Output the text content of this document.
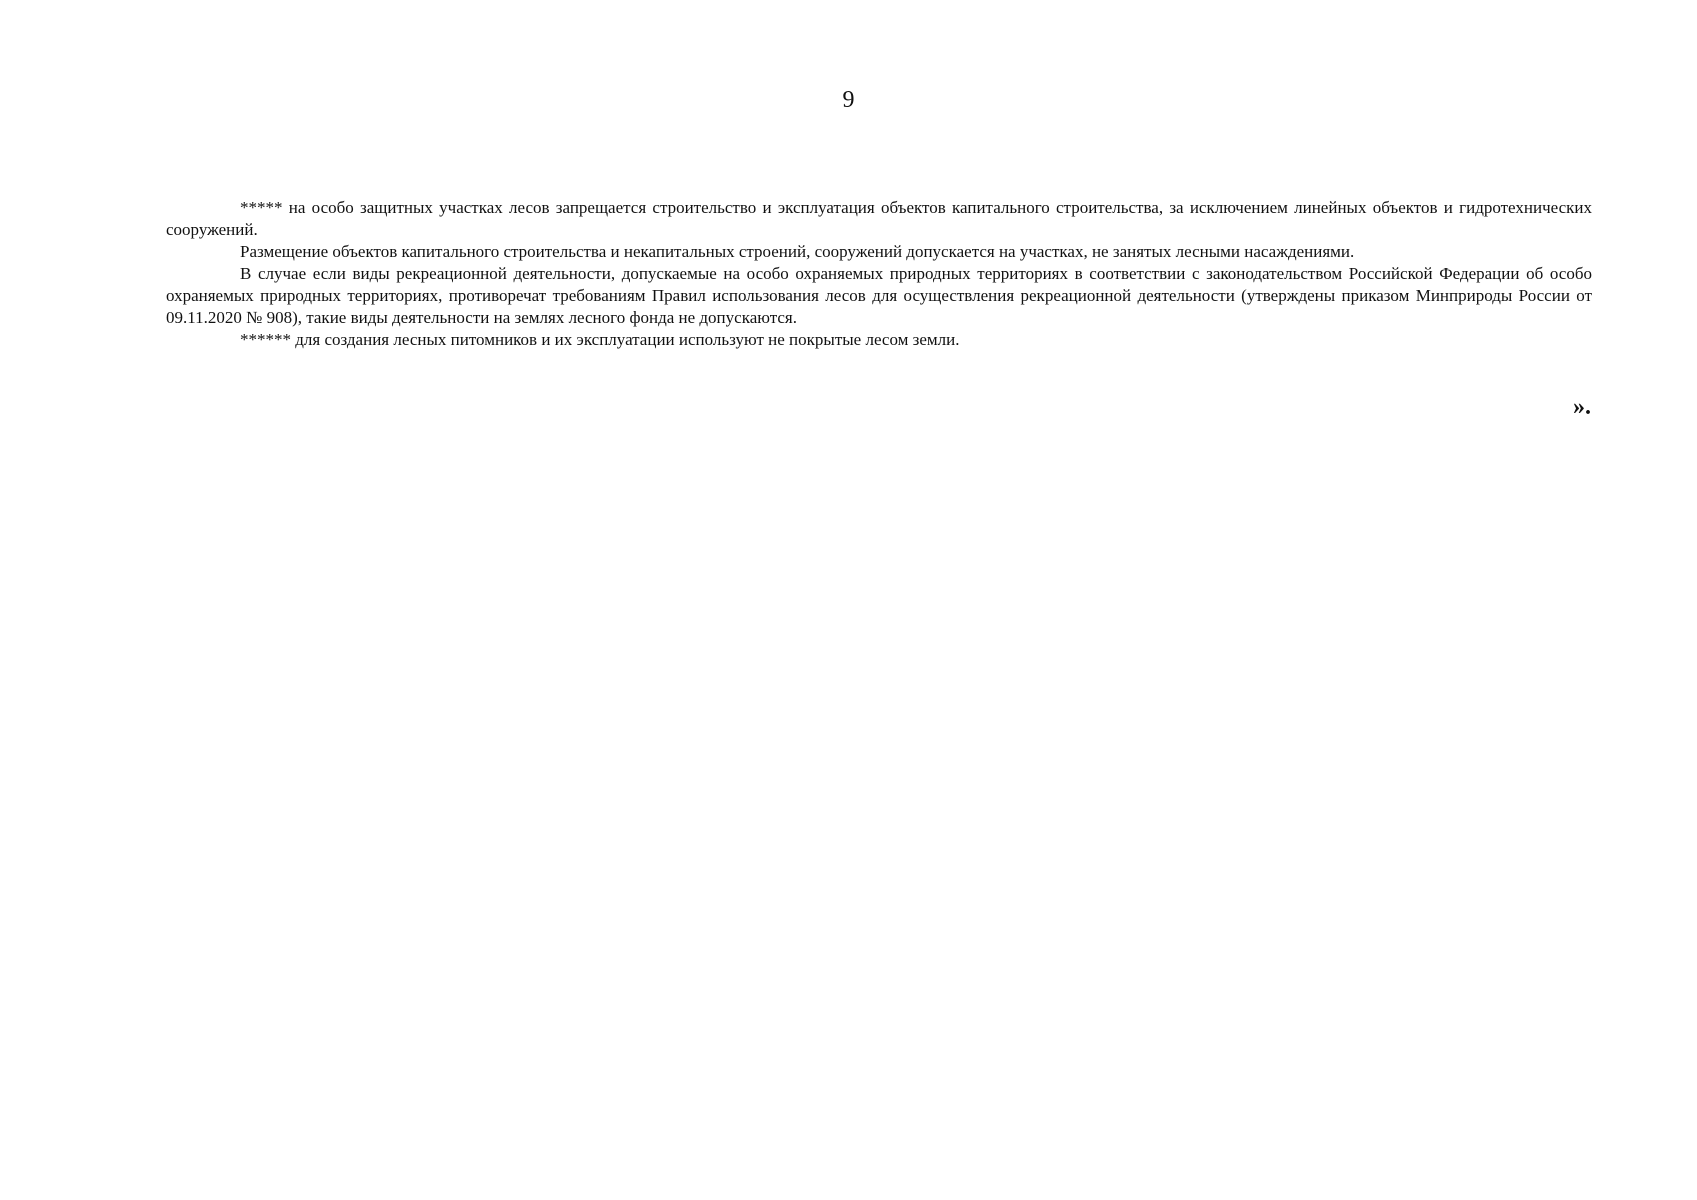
9

***** на особо защитных участках лесов запрещается строительство и эксплуатация объектов капитального строительства, за исключением линейных объектов и гидротехнических сооружений.

Размещение объектов капитального строительства и некапитальных строений, сооружений допускается на участках, не занятых лесными насаждениями.

В случае если виды рекреационной деятельности, допускаемые на особо охраняемых природных территориях в соответствии с законодательством Российской Федерации об особо охраняемых природных территориях, противоречат требованиям Правил использования лесов для осуществления рекреационной деятельности (утверждены приказом Минприроды России от 09.11.2020 № 908), такие виды деятельности на землях лесного фонда не допускаются.

****** для создания лесных питомников и их эксплуатации используют не покрытые лесом земли.

».
